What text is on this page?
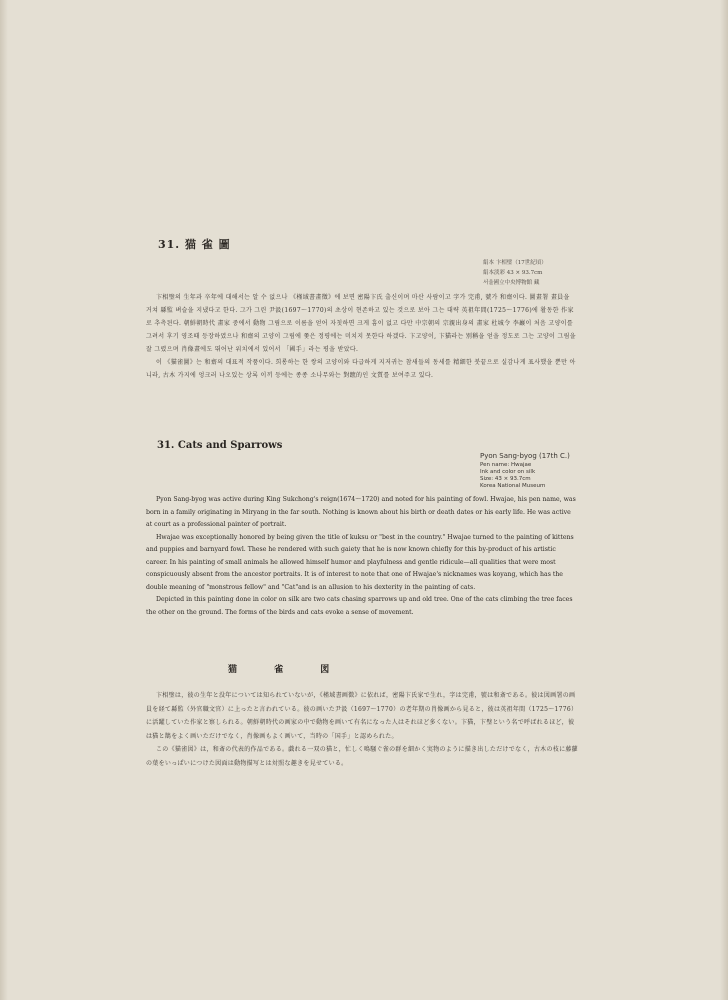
31. 猫 雀 圖
絹本 卞相璧（17世紀頃）
絹本淡彩 43 × 93.7cm
서울國立中央博物館 藏

卞相璧의 生年과 卒年에 대해서는 알 수 없으나 《槿域書畫徵》에 보면 密陽卞氏 출신이며 마산 사람이고 字가 完甫, 號가 和齋이다. 圖畫署 畫員을 거쳐 縣監 벼슬을 지냈다고 한다. 그가 그린 尹汲(1697～1770)의 초상이 현존하고 있는 것으로 보아 그는 대략 英祖年間(1725～1776)에 활동한 作家로 추측된다. 朝鮮朝時代 畫家 중에서 動物 그림으로 이름을 얻어 자칫하면 크게 흠이 없고 다만 中宗朝의 宗親出身의 畫家 杜城令 李巖이 처음 고양이를 그려서 후기 영조때 등장하였으나 和齋의 고양이 그림에 쫓은 정평에는 미치지 못한다 하겠다. 卞고양이, 卞猫라는 別稱을 얻을 정도로 그는 고양이 그림을 잘 그렸으며 肖像畫에도 뛰어난 위치에서 있어서 「國手」라는 평을 받았다.

이 《猫雀圖》는 和齋의 대표적 작품이다. 희롱하는 한 쌍의 고양이와 다급하게 지저귀는 참새들의 동세를 精細한 붓끝으로 실감나게 표사했을 뿐만 아니라, 古木 가지에 엉크러 나오있는 상록 이끼 등에는 종종 소나무와는 對蹠的인 文質를 보여주고 있다.

31. Cats and Sparrows
Pyon Sang-byog (17th C.)
Pen name: Hwajae
Ink and color on silk
Size: 43 × 93.7cm
Korea National Museum

Pyon Sang-byog was active during King Sukchong's reign(1674～1720) and noted for his painting of fowl. Hwajae, his pen name, was born in a family originating in Miryang in the far south. Nothing is known about his birth or death dates or his early life. He was active at court as a professional painter of portrait.

Hwajae was exceptionally honored by being given the title of kuksu or "best in the country." Hwajae turned to the painting of kittens and puppies and barnyard fowl. These he rendered with such gaiety that he is now known chiefly for this by-product of his artistic career. In his painting of small animals he allowed himself humor and playfulness and gentle ridicule—all qualities that were most conspicuously absent from the ancestor portraits. It is of interest to note that one of Hwajae's nicknames was koyang, which has the double meaning of "monstrous fellow" and "Cat"and is an allusion to his dexterity in the painting of cats.

Depicted in this painting done in color on silk are two cats chasing sparrows up and old tree. One of the cats climbing the tree faces the other on the ground. The forms of the birds and cats evoke a sense of movement.

猫 雀 図

卞相璧は，彼の生年と没年については知られていないが，《槿域書画徴》に依れば，密陽卞氏家で生れ，字は完甫，號は和斎である。彼は図画署の画員を経て縣監（外官職文官）に上ったと言われている。彼の画いた尹汲（1697～1770）の老年期の肖像画から見ると，彼は英祖年間（1725～1776）に活躍していた作家と察しられる。朝鮮朝時代の画家の中で動物を画いて有名になった人はそれほど多くない。卞猫，卞璧という名で呼ばれるほど，彼は猫と鵲をよく画いただけでなく，肖像画もよく画いて，当時の「国手」と認められた。

この《猫雀図》は，和斎の代表的作品である。戯れる一双の猫と，忙しく鳴騒ぐ雀の群を細かく実物のように描き出しただけでなく，古木の枝に藤蘿の葉をいっぱいにつけた図面は動物描写とは対照な趣きを見せている。
